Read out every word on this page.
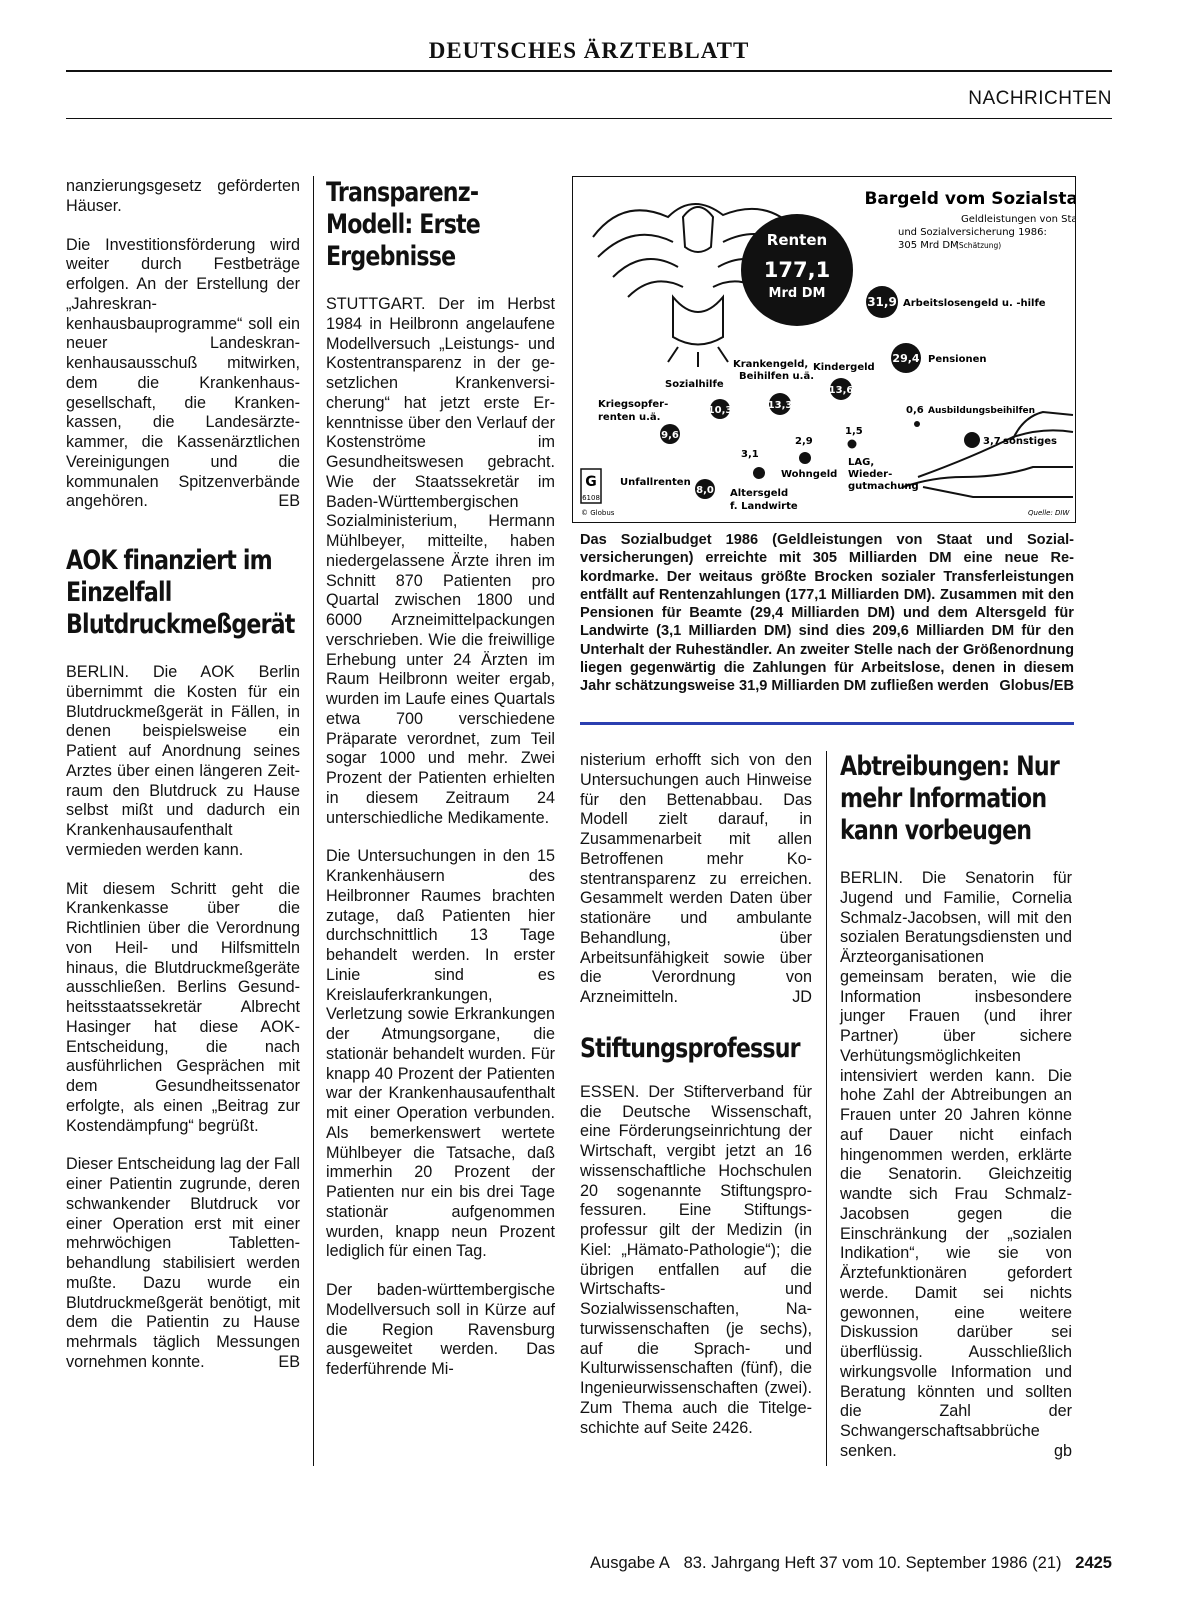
DEUTSCHES ÄRZTEBLATT
NACHRICHTEN

nanzierungsgesetz geförderten Häuser.

Die Investitionsförderung wird weiter durch Festbeträge erfolgen. An der Erstellung der „Jahreskrankenhausbauprogramme“ soll ein neuer Landeskrankenhausausschuß mitwirken, dem die Krankenhausgesellschaft, die Krankenkassen, die Landesärztekammer, die Kassenärztlichen Vereinigungen und die kommunalen Spitzenverbände angehören.	EB

AOK finanziert im Einzelfall Blutdruckmeßgerät

BERLIN. Die AOK Berlin übernimmt die Kosten für ein Blutdruckmeßgerät in Fällen, in denen beispielsweise ein Patient auf Anordnung seines Arztes über einen längeren Zeitraum den Blutdruck zu Hause selbst mißt und dadurch ein Krankenhausaufenthalt vermieden werden kann.

Mit diesem Schritt geht die Krankenkasse über die Richtlinien über die Verordnung von Heil- und Hilfsmitteln hinaus, die Blutdruckmeßgeräte ausschließen. Berlins Gesundheitsstaatssekretär Albrecht Hasinger hat diese AOK-Entscheidung, die nach ausführlichen Gesprächen mit dem Gesundheitssenator erfolgte, als einen „Beitrag zur Kostendämpfung“ begrüßt.

Dieser Entscheidung lag der Fall einer Patientin zugrunde, deren schwankender Blutdruck vor einer Operation erst mit einer mehrwöchigen Tablettenbehandlung stabilisiert werden mußte. Dazu wurde ein Blutdruckmeßgerät benötigt, mit dem die Patientin zu Hause mehrmals täglich Messungen vornehmen konnte.	EB

Transparenz-Modell: Erste Ergebnisse

STUTTGART. Der im Herbst 1984 in Heilbronn angelaufene Modellversuch „Leistungs- und Kostentransparenz in der gesetzlichen Krankenversicherung“ hat jetzt erste Erkenntnisse über den Verlauf der Kostenströme im Gesundheitswesen gebracht. Wie der Staatssekretär im Baden-Württembergischen Sozialministerium, Hermann Mühlbeyer, mitteilte, haben niedergelassene Ärzte ihren im Schnitt 870 Patienten pro Quartal zwischen 1800 und 6000 Arzneimittelpackungen verschrieben. Wie die freiwillige Erhebung unter 24 Ärzten im Raum Heilbronn weiter ergab, wurden im Laufe eines Quartals etwa 700 verschiedene Präparate verordnet, zum Teil sogar 1000 und mehr. Zwei Prozent der Patienten erhielten in diesem Zeitraum 24 unterschiedliche Medikamente.

Die Untersuchungen in den 15 Krankenhäusern des Heilbronner Raumes brachten zutage, daß Patienten hier durchschnittlich 13 Tage behandelt werden. In erster Linie sind es Kreislauferkrankungen, Verletzung sowie Erkrankungen der Atmungsorgane, die stationär behandelt wurden. Für knapp 40 Prozent der Patienten war der Krankenhausaufenthalt mit einer Operation verbunden. Als bemerkenswert wertete Mühlbeyer die Tatsache, daß immerhin 20 Prozent der Patienten nur ein bis drei Tage stationär aufgenommen wurden, knapp neun Prozent lediglich für einen Tag.

Der baden-württembergische Modellversuch soll in Kürze auf die Region Ravensburg ausgeweitet werden. Das federführende Mi-

Bargeld vom Sozialstaat
Geldleistungen von Staat
und Sozialversicherung 1986:
305 Mrd DM
(Schätzung)
Renten
177,1
Mrd DM
31,9 Arbeitslosengeld u. -hilfe
29,4 Pensionen
13,6
Kindergeld
13,3
Krankengeld,
Beihilfen u.ä.
10,3
Sozialhilfe
9,6
Kriegsopfer-
renten u.ä.
8,0
Unfallrenten
3,1
Altersgeld
f. Landwirte
2,9
Wohngeld
1,5
LAG,
Wieder-
gutmachung
0,6 Ausbildungsbeihilfen
3,7 sonstiges
G
6108
© Globus	Quelle: DIW
Das Sozialbudget 1986 (Geldleistungen von Staat und Sozialversicherungen) erreichte mit 305 Milliarden DM eine neue Rekordmarke. Der weitaus größte Brocken sozialer Transferleistungen entfällt auf Rentenzahlungen (177,1 Milliarden DM). Zusammen mit den Pensionen für Beamte (29,4 Milliarden DM) und dem Altersgeld für Landwirte (3,1 Milliarden DM) sind dies 209,6 Milliarden DM für den Unterhalt der Ruheständler. An zweiter Stelle nach der Größenordnung liegen gegenwärtig die Zahlungen für Arbeitslose, denen in diesem Jahr schätzungsweise 31,9 Milliarden DM zufließen werden Globus/EB

nisterium erhofft sich von den Untersuchungen auch Hinweise für den Bettenabbau. Das Modell zielt darauf, in Zusammenarbeit mit allen Betroffenen mehr Kostentransparenz zu erreichen. Gesammelt werden Daten über stationäre und ambulante Behandlung, über Arbeitsunfähigkeit sowie über die Verordnung von Arzneimitteln.	JD

Stiftungsprofessur

ESSEN. Der Stifterverband für die Deutsche Wissenschaft, eine Förderungseinrichtung der Wirtschaft, vergibt jetzt an 16 wissenschaftliche Hochschulen 20 sogenannte Stiftungsprofessuren. Eine Stiftungsprofessur gilt der Medizin (in Kiel: „Hämato-Pathologie“); die übrigen entfallen auf die Wirtschafts- und Sozialwissenschaften, Naturwissenschaften (je sechs), auf die Sprach- und Kulturwissenschaften (fünf), die Ingenieurwissenschaften (zwei). Zum Thema auch die Titelgeschichte auf Seite 2426.

Abtreibungen: Nur mehr Information kann vorbeugen

BERLIN. Die Senatorin für Jugend und Familie, Cornelia Schmalz-Jacobsen, will mit den sozialen Beratungsdiensten und Ärzteorganisationen gemeinsam beraten, wie die Information insbesondere junger Frauen (und ihrer Partner) über sichere Verhütungsmöglichkeiten intensiviert werden kann. Die hohe Zahl der Abtreibungen an Frauen unter 20 Jahren könne auf Dauer nicht einfach hingenommen werden, erklärte die Senatorin. Gleichzeitig wandte sich Frau Schmalz-Jacobsen gegen die Einschränkung der „sozialen Indikation“, wie sie von Ärztefunktionären gefordert werde. Damit sei nichts gewonnen, eine weitere Diskussion darüber sei überflüssig. Ausschließlich wirkungsvolle Information und Beratung könnten und sollten die Zahl der Schwangerschaftsabbrüche senken.	gb

Ausgabe A 83. Jahrgang Heft 37 vom 10. September 1986 (21) 2425
